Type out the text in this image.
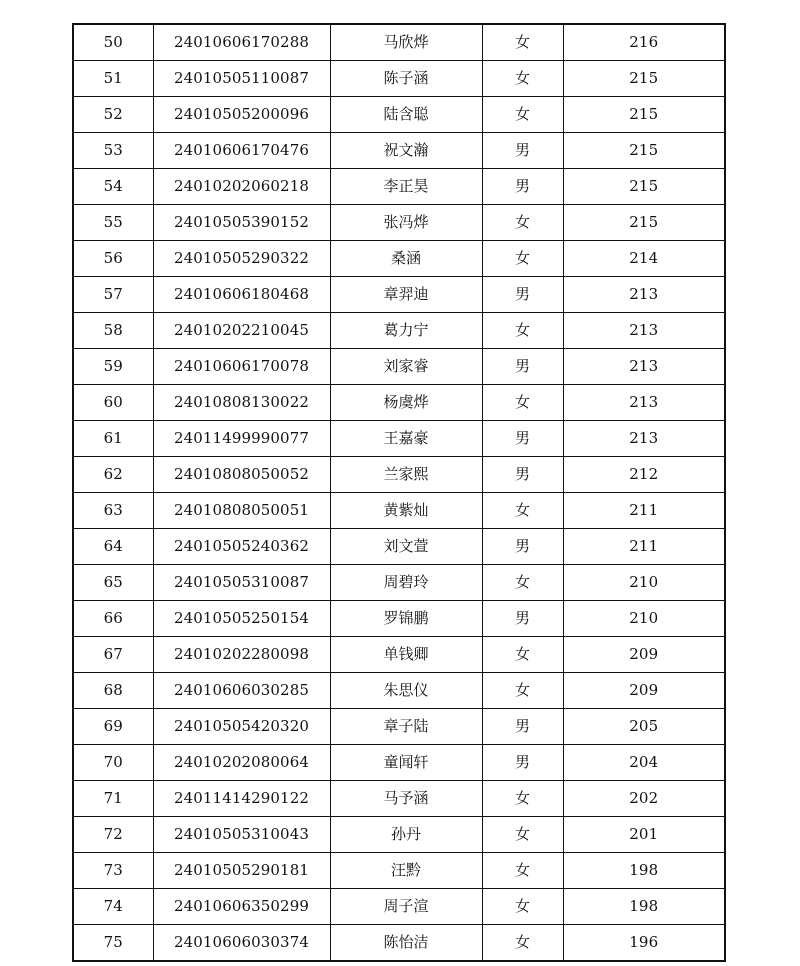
50	24010606170288	马欣烨	女	216
51	24010505110087	陈子涵	女	215
52	24010505200096	陆含聪	女	215
53	24010606170476	祝文瀚	男	215
54	24010202060218	李正昊	男	215
55	24010505390152	张冯烨	女	215
56	24010505290322	桑涵	女	214
57	24010606180468	章羿迪	男	213
58	24010202210045	葛力宁	女	213
59	24010606170078	刘家睿	男	213
60	24010808130022	杨虞烨	女	213
61	24011499990077	王嘉豪	男	213
62	24010808050052	兰家熙	男	212
63	24010808050051	黄紫灿	女	211
64	24010505240362	刘文萱	男	211
65	24010505310087	周碧玲	女	210
66	24010505250154	罗锦鹏	男	210
67	24010202280098	单钱卿	女	209
68	24010606030285	朱思仪	女	209
69	24010505420320	章子陆	男	205
70	24010202080064	童闻轩	男	204
71	24011414290122	马予涵	女	202
72	24010505310043	孙丹	女	201
73	24010505290181	汪黔	女	198
74	24010606350299	周子渲	女	198
75	24010606030374	陈怡洁	女	196
